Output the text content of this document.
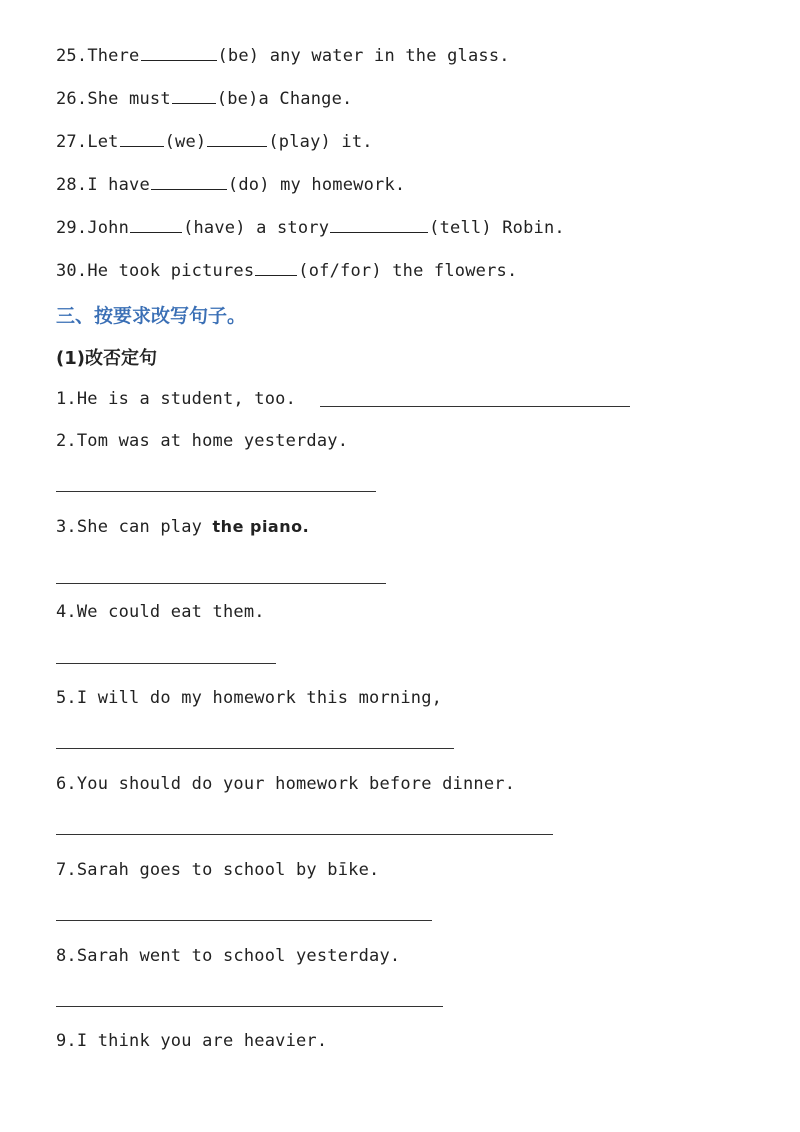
25.There	(be) any water in the glass.
26.She must	(be)a Change.
27.Let	(we)	(play) it.
28.I have	(do) my homework.
29.John	(have) a story	(tell) Robin.
30.He took pictures	(of/for) the flowers.
三、按要求改写句子。
(1)改否定句
1.He is a student, too.
2.Tom was at home yesterday.
3.She can play the piano.
4.We could eat them.
5.I will do my homework this morning,
6.You should do your homework before dinner.
7.Sarah goes to school by bīke.
8.Sarah went to school yesterday.
9.I think you are heavier.
